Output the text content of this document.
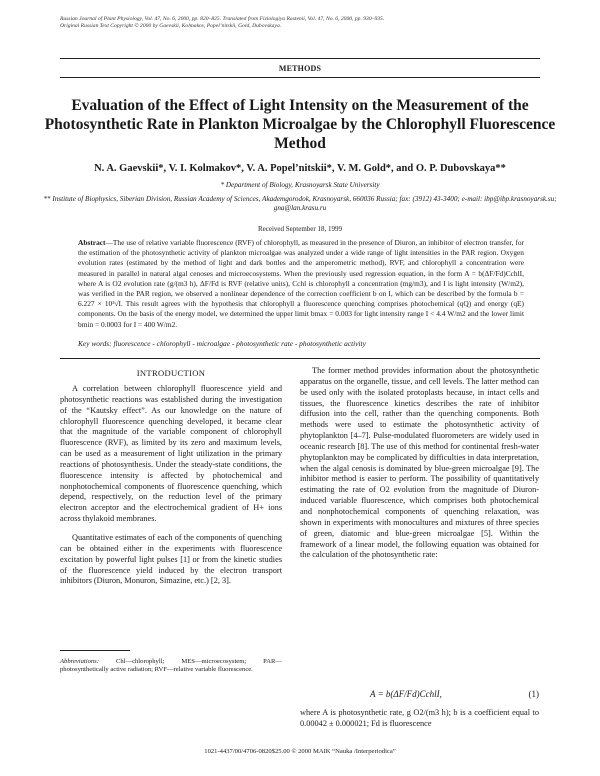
Russian Journal of Plant Physiology, Vol. 47, No. 6, 2000, pp. 820–825. Translated from Fiziologiya Rastenii, Vol. 47, No. 6, 2000, pp. 930–935.
Original Russian Text Copyright © 2000 by Gaevskii, Kolmakov, Popel’nitskii, Gold, Dubovskaya.
METHODS
Evaluation of the Effect of Light Intensity on the Measurement of the Photosynthetic Rate in Plankton Microalgae by the Chlorophyll Fluorescence Method
N. A. Gaevskii*, V. I. Kolmakov*, V. A. Popel’nitskii*, V. M. Gold*, and O. P. Dubovskaya**
* Department of Biology, Krasnoyarsk State University
** Institute of Biophysics, Siberian Division, Russian Academy of Sciences, Akademgorodok, Krasnoyarsk, 660036 Russia; fax: (3912) 43-3400; e-mail: ibp@ibp.krasnoyarsk.su; gna@lan.krasu.ru
Received September 18, 1999
Abstract—The use of relative variable fluorescence (RVF) of chlorophyll, as measured in the presence of Diuron, an inhibitor of electron transfer, for the estimation of the photosynthetic activity of plankton microalgae was analyzed under a wide range of light intensities in the PAR region. Oxygen evolution rates (estimated by the method of light and dark bottles and the amperometric method), RVF, and chlorophyll a concentration were measured in parallel in natural algal cenoses and microecosystems. When the previously used regression equation, in the form A = b(ΔF/Fd)CchlI, where A is O2 evolution rate (g/(m3 h), ΔF/Fd is RVF (relative units), Cchl is chlorophyll a concentration (mg/m3), and I is light intensity (W/m2), was verified in the PAR region, we observed a nonlinear dependence of the correction coefficient b on I, which can be described by the formula b = 6.227 × 10³√I. This result agrees with the hypothesis that chlorophyll a fluorescence quenching comprises photochemical (qQ) and energy (qE) components. On the basis of the energy model, we determined the upper limit bmax = 0.003 for light intensity range I < 4.4 W/m2 and the lower limit bmin = 0.0003 for I = 400 W/m2.
Key words: fluorescence - chlorophyll - microalgae - photosynthetic rate - photosynthetic activity
INTRODUCTION

A correlation between chlorophyll fluorescence yield and photosynthetic reactions was established during the investigation of the “Kautsky effect”. As our knowledge on the nature of chlorophyll fluorescence quenching developed, it became clear that the magnitude of the variable component of chlorophyll fluorescence (RVF), as limited by its zero and maximum levels, can be used as a measurement of light utilization in the primary reactions of photosynthesis. Under the steady-state conditions, the fluorescence intensity is affected by photochemical and nonphotochemical components of fluorescence quenching, which depend, respectively, on the reduction level of the primary electron acceptor and the electrochemical gradient of H+ ions across thylakoid membranes.

Quantitative estimates of each of the components of quenching can be obtained either in the experiments with fluorescence excitation by powerful light pulses [1] or from the kinetic studies of the fluorescence yield induced by the electron transport inhibitors (Diuron, Monuron, Simazine, etc.) [2, 3].

Abbreviations: Chl—chlorophyll; MES—microecosystem; PAR—photosynthetically active radiation; RVF—relative variable fluorescence.

The former method provides information about the photosynthetic apparatus on the organelle, tissue, and cell levels. The latter method can be used only with the isolated protoplasts because, in intact cells and tissues, the fluorescence kinetics describes the rate of inhibitor diffusion into the cell, rather than the quenching components. Both methods were used to estimate the photosynthetic activity of phytoplankton [4–7]. Pulse-modulated fluorometers are widely used in oceanic research [8]. The use of this method for continental fresh-water phytoplankton may be complicated by difficulties in data interpretation, when the algal cenosis is dominated by blue-green microalgae [9]. The inhibitor method is easier to perform. The possibility of quantitatively estimating the rate of O2 evolution from the magnitude of Diuron-induced variable fluorescence, which comprises both photochemical and nonphotochemical components of quenching relaxation, was shown in experiments with monocultures and mixtures of three species of green, diatomic and blue-green microalgae [5]. Within the framework of a linear model, the following equation was obtained for the calculation of the photosynthetic rate:

A = b(ΔF/Fd)CchlI,	(1)

where A is photosynthetic rate, g O2/(m3 h); b is a coefficient equal to 0.00042 ± 0.000021; Fd is fluorescence

1021-4437/00/4706-0820$25.00 © 2000 MAIK “Nauka /Interperiodica”
